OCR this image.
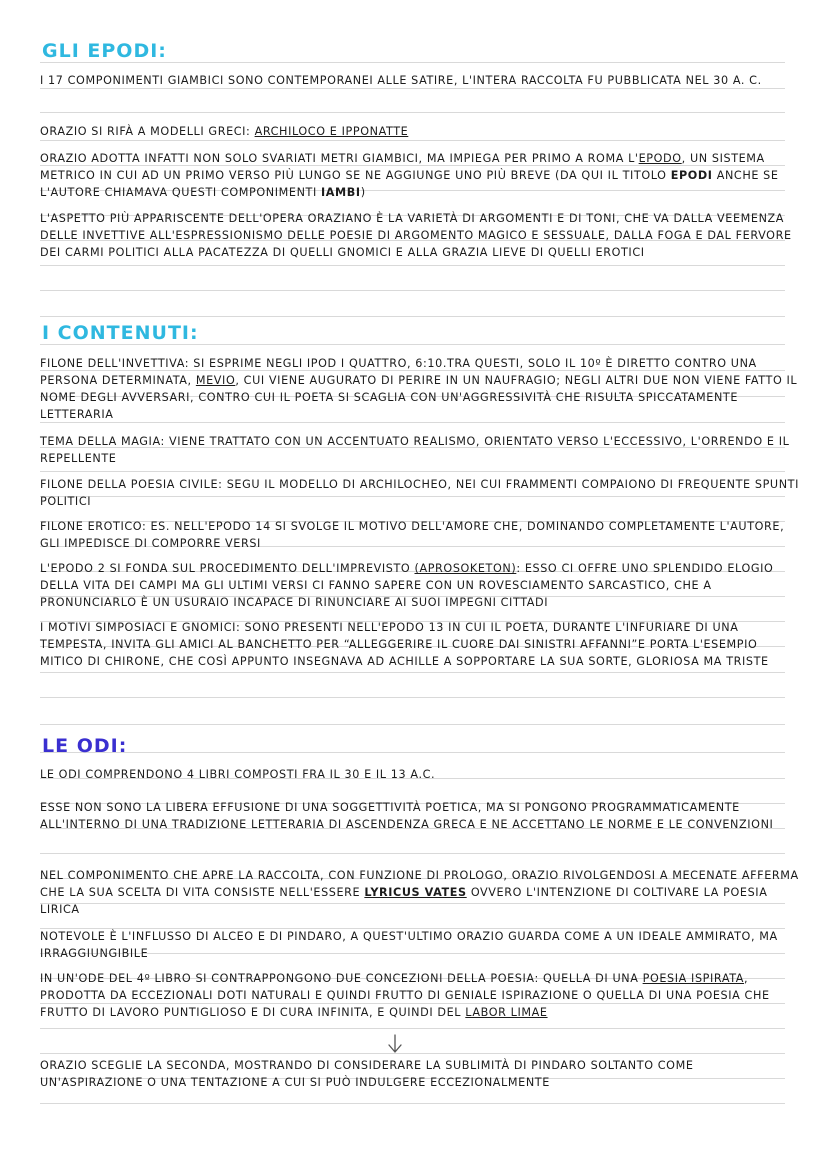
GLI EPODI:

I 17 COMPONIMENTI GIAMBICI SONO CONTEMPORANEI ALLE SATIRE, L'INTERA RACCOLTA FU PUBBLICATA NEL 30 A. C.

ORAZIO SI RIFÀ A MODELLI GRECI: ARCHILOCO E IPPONATTE

ORAZIO ADOTTA INFATTI NON SOLO SVARIATI METRI GIAMBICI, MA IMPIEGA PER PRIMO A ROMA L'EPODO, UN SISTEMA METRICO IN CUI AD UN PRIMO VERSO PIÙ LUNGO SE NE AGGIUNGE UNO PIÙ BREVE (DA QUI IL TITOLO EPODI ANCHE SE L'AUTORE CHIAMAVA QUESTI COMPONIMENTI IAMBI)

L'ASPETTO PIÙ APPARISCENTE DELL'OPERA ORAZIANO È LA VARIETÀ DI ARGOMENTI E DI TONI, CHE VA DALLA VEEMENZA DELLE INVETTIVE ALL'ESPRESSIONISMO DELLE POESIE DI ARGOMENTO MAGICO E SESSUALE, DALLA FOGA E DAL FERVORE DEI CARMI POLITICI ALLA PACATEZZA DI QUELLI GNOMICI E ALLA GRAZIA LIEVE DI QUELLI EROTICI

I CONTENUTI:

FILONE DELL'INVETTIVA: SI ESPRIME NEGLI IPOD I QUATTRO, 6:10.TRA QUESTI, SOLO IL 10º È DIRETTO CONTRO UNA PERSONA DETERMINATA, MEVIO, CUI VIENE AUGURATO DI PERIRE IN UN NAUFRAGIO; NEGLI ALTRI DUE NON VIENE FATTO IL NOME DEGLI AVVERSARI, CONTRO CUI IL POETA SI SCAGLIA CON UN'AGGRESSIVITÀ CHE RISULTA SPICCATAMENTE LETTERARIA

TEMA DELLA MAGIA: VIENE TRATTATO CON UN ACCENTUATO REALISMO, ORIENTATO VERSO L'ECCESSIVO, L'ORRENDO E IL REPELLENTE

FILONE DELLA POESIA CIVILE: SEGU IL MODELLO DI ARCHILOCHEO, NEI CUI FRAMMENTI COMPAIONO DI FREQUENTE SPUNTI POLITICI

FILONE EROTICO: ES. NELL'EPODO 14 SI SVOLGE IL MOTIVO DELL'AMORE CHE, DOMINANDO COMPLETAMENTE L'AUTORE, GLI IMPEDISCE DI COMPORRE VERSI

L'EPODO 2 SI FONDA SUL PROCEDIMENTO DELL'IMPREVISTO (APROSOKETON): ESSO CI OFFRE UNO SPLENDIDO ELOGIO DELLA VITA DEI CAMPI MA GLI ULTIMI VERSI CI FANNO SAPERE CON UN ROVESCIAMENTO SARCASTICO, CHE A PRONUNCIARLO È UN USURAIO INCAPACE DI RINUNCIARE AI SUOI IMPEGNI CITTADI

I MOTIVI SIMPOSIACI E GNOMICI: SONO PRESENTI NELL'EPODO 13 IN CUI IL POETA, DURANTE L'INFURIARE DI UNA TEMPESTA, INVITA GLI AMICI AL BANCHETTO PER “ALLEGGERIRE IL CUORE DAI SINISTRI AFFANNI”E PORTA L'ESEMPIO MITICO DI CHIRONE, CHE COSÌ APPUNTO INSEGNAVA AD ACHILLE A SOPPORTARE LA SUA SORTE, GLORIOSA MA TRISTE

LE ODI:

LE ODI COMPRENDONO 4 LIBRI COMPOSTI FRA IL 30 E IL 13 A.C.

ESSE NON SONO LA LIBERA EFFUSIONE DI UNA SOGGETTIVITÀ POETICA, MA SI PONGONO PROGRAMMATICAMENTE ALL'INTERNO DI UNA TRADIZIONE LETTERARIA DI ASCENDENZA GRECA E NE ACCETTANO LE NORME E LE CONVENZIONI

NEL COMPONIMENTO CHE APRE LA RACCOLTA, CON FUNZIONE DI PROLOGO, ORAZIO RIVOLGENDOSI A MECENATE AFFERMA CHE LA SUA SCELTA DI VITA CONSISTE NELL'ESSERE LYRICUS VATES OVVERO L'INTENZIONE DI COLTIVARE LA POESIA LIRICA

NOTEVOLE È L'INFLUSSO DI ALCEO E DI PINDARO, A QUEST'ULTIMO ORAZIO GUARDA COME A UN IDEALE AMMIRATO, MA IRRAGGIUNGIBILE

IN UN'ODE DEL 4º LIBRO SI CONTRAPPONGONO DUE CONCEZIONI DELLA POESIA: QUELLA DI UNA POESIA ISPIRATA, PRODOTTA DA ECCEZIONALI DOTI NATURALI E QUINDI FRUTTO DI GENIALE ISPIRAZIONE O QUELLA DI UNA POESIA CHE FRUTTO DI LAVORO PUNTIGLIOSO E DI CURA INFINITA, E QUINDI DEL LABOR LIMAE

ORAZIO SCEGLIE LA SECONDA, MOSTRANDO DI CONSIDERARE LA SUBLIMITÀ DI PINDARO SOLTANTO COME UN'ASPIRAZIONE O UNA TENTAZIONE A CUI SI PUÒ INDULGERE ECCEZIONALMENTE
